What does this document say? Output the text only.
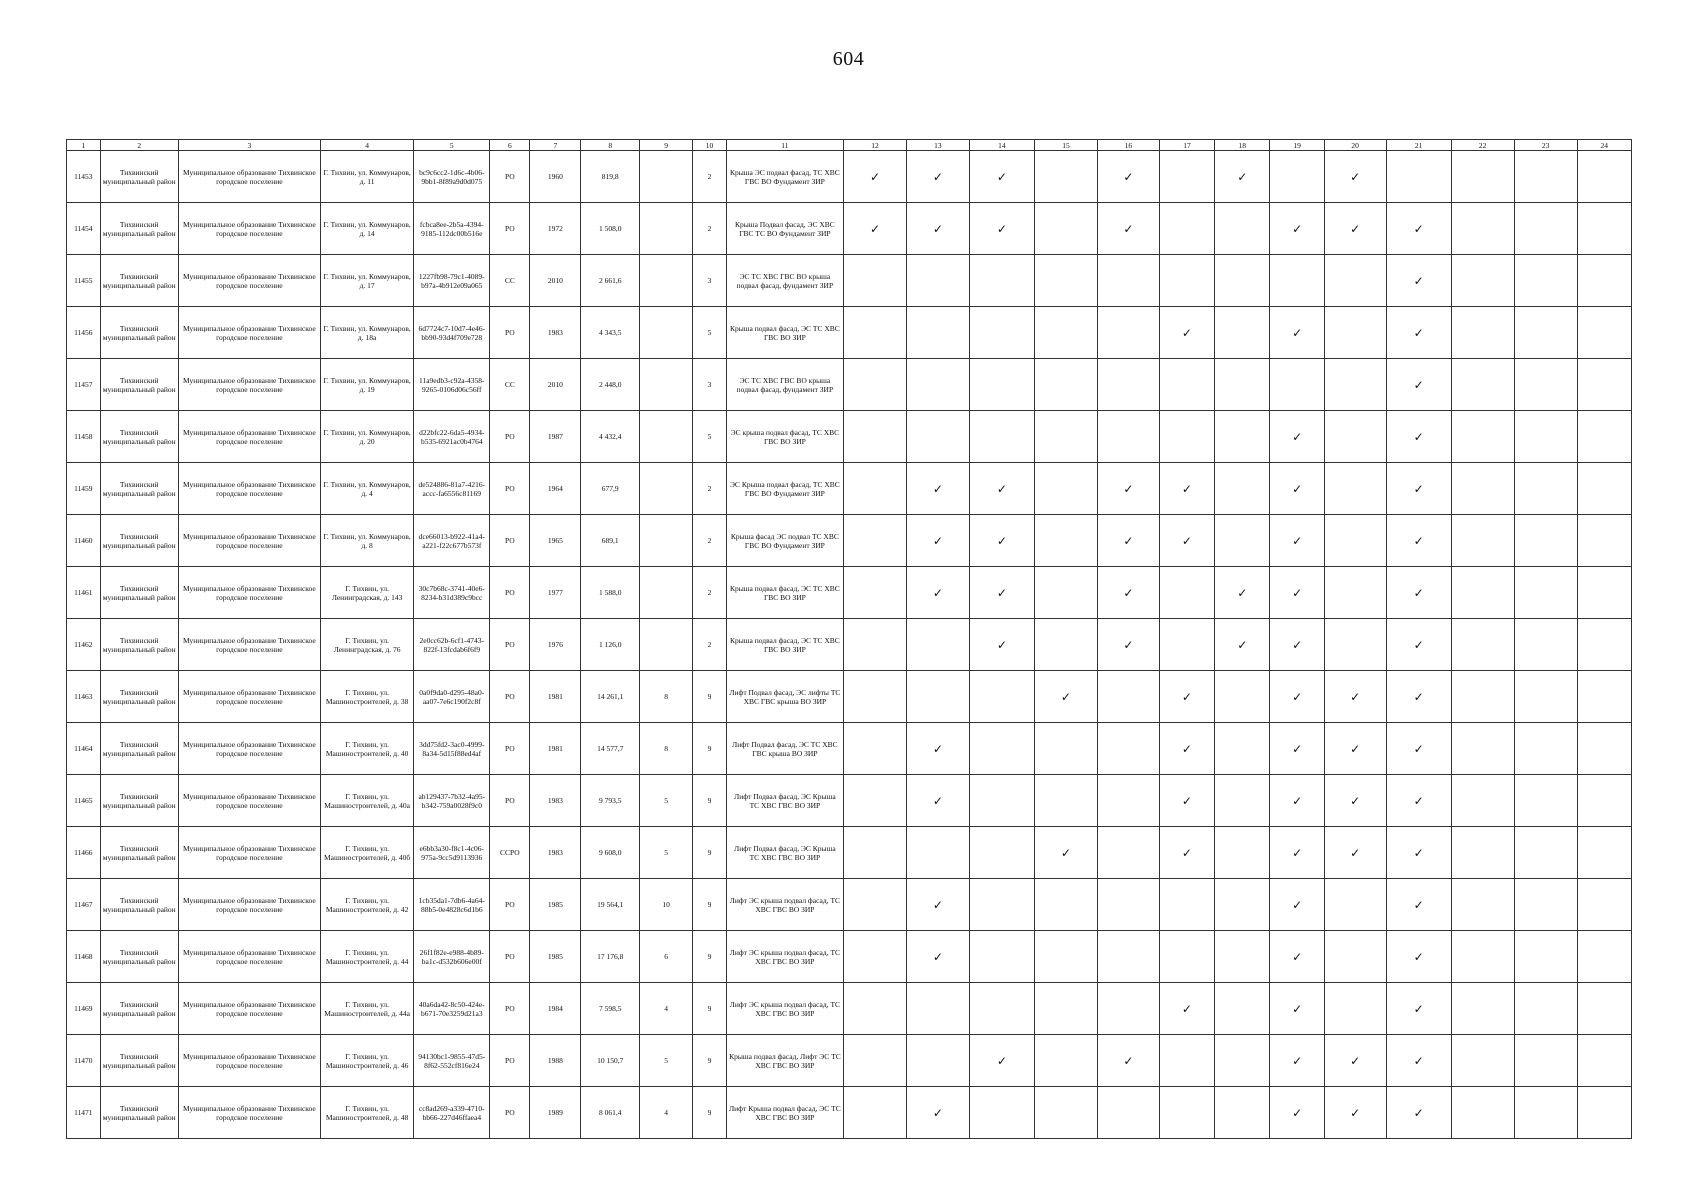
604
1	2	3	4	5	6	7	8	9	10	11	12	13	14	15	16	17	18	19	20	21	22	23	24
11453	Тихвинский муниципальный район	Муниципальное образование Тихвинское городское поселение	Г. Тихвин, ул. Коммунаров, д. 11	bc9c6cc2-1d6c-4b06-9bb1-8f89a9d0d075	РО	1960	819,8		2	Крыша ЭС подвал фасад, ТС ХВС ГВС ВО Фундамент ЗИР	✓	✓	✓		✓		✓		✓				
11454	Тихвинский муниципальный район	Муниципальное образование Тихвинское городское поселение	Г. Тихвин, ул. Коммунаров, д. 14	fcbca8ee-2b5a-4394-9185-112dc00b516e	РО	1972	1 508,0		2	Крыша Подвал фасад, ЭС ХВС ГВС ТС ВО Фундамент ЗИР	✓	✓	✓		✓			✓	✓	✓			
11455	Тихвинский муниципальный район	Муниципальное образование Тихвинское городское поселение	Г. Тихвин, ул. Коммунаров, д. 17	1227fb98-79c1-4089-b97a-4b912e09a065	СС	2010	2 661,6		3	ЭС ТС ХВС ГВС ВО крыша подвал фасад, фундамент ЗИР										✓			
11456	Тихвинский муниципальный район	Муниципальное образование Тихвинское городское поселение	Г. Тихвин, ул. Коммунаров, д. 18а	6d7724c7-10d7-4e46-bb90-93d4f709e728	РО	1983	4 343,5		5	Крыша подвал фасад, ЭС ТС ХВС ГВС ВО ЗИР						✓		✓		✓			
11457	Тихвинский муниципальный район	Муниципальное образование Тихвинское городское поселение	Г. Тихвин, ул. Коммунаров, д. 19	11a9edb3-c92a-4358-9265-0106d06c56ff	СС	2010	2 448,0		3	ЭС ТС ХВС ГВС ВО крыша подвал фасад, фундамент ЗИР										✓			
11458	Тихвинский муниципальный район	Муниципальное образование Тихвинское городское поселение	Г. Тихвин, ул. Коммунаров, д. 20	d22bfc22-6da5-4934-b535-6921ac0b4764	РО	1987	4 432,4		5	ЭС крыша подвал фасад, ТС ХВС ГВС ВО ЗИР								✓		✓			
11459	Тихвинский муниципальный район	Муниципальное образование Тихвинское городское поселение	Г. Тихвин, ул. Коммунаров, д. 4	de524886-81a7-4216-accc-fa6556c81169	РО	1964	677,9		2	ЭС Крыша подвал фасад, ТС ХВС ГВС ВО Фундамент ЗИР		✓	✓		✓	✓		✓		✓			
11460	Тихвинский муниципальный район	Муниципальное образование Тихвинское городское поселение	Г. Тихвин, ул. Коммунаров, д. 8	dce66013-b922-41a4-a221-f22c677b573f	РО	1965	689,1		2	Крыша фасад ЭС подвал ТС ХВС ГВС ВО Фундамент ЗИР		✓	✓		✓	✓		✓		✓			
11461	Тихвинский муниципальный район	Муниципальное образование Тихвинское городское поселение	Г. Тихвин, ул. Ленинградская, д. 143	30c7b68c-3741-40e6-8234-b31d389c9bcc	РО	1977	1 588,0		2	Крыша подвал фасад, ЭС ТС ХВС ГВС ВО ЗИР		✓	✓		✓		✓	✓		✓			
11462	Тихвинский муниципальный район	Муниципальное образование Тихвинское городское поселение	Г. Тихвин, ул. Ленинградская, д. 76	2e0cc62b-6cf1-4743-822f-13fcdab6f6f9	РО	1976	1 126,0		2	Крыша подвал фасад, ЭС ТС ХВС ГВС ВО ЗИР			✓		✓		✓	✓		✓			
11463	Тихвинский муниципальный район	Муниципальное образование Тихвинское городское поселение	Г. Тихвин, ул. Машиностроителей, д. 38	0a0f9da0-d295-48a0-aa07-7e6c190f2c8f	РО	1981	14 261,1	8	9	Лифт Подвал фасад, ЭС лифты ТС ХВС ГВС крыша ВО ЗИР				✓		✓		✓	✓	✓			
11464	Тихвинский муниципальный район	Муниципальное образование Тихвинское городское поселение	Г. Тихвин, ул. Машиностроителей, д. 40	3dd75fd2-3ac0-4999-8a34-5d15f88ed4af	РО	1981	14 577,7	8	9	Лифт Подвал фасад, ЭС ТС ХВС ГВС крыша ВО ЗИР		✓				✓		✓	✓	✓			
11465	Тихвинский муниципальный район	Муниципальное образование Тихвинское городское поселение	Г. Тихвин, ул. Машиностроителей, д. 40а	ab129437-7b32-4a95-b342-759a0028f9c0	РО	1983	9 793,5	5	9	Лифт Подвал фасад, ЭС Крыша ТС ХВС ГВС ВО ЗИР		✓				✓		✓	✓	✓			
11466	Тихвинский муниципальный район	Муниципальное образование Тихвинское городское поселение	Г. Тихвин, ул. Машиностроителей, д. 40б	e6bb3a30-f8c1-4c06-975a-9cc5d9113936	ССРО	1983	9 608,0	5	9	Лифт Подвал фасад, ЭС Крыша ТС ХВС ГВС ВО ЗИР				✓		✓		✓	✓	✓			
11467	Тихвинский муниципальный район	Муниципальное образование Тихвинское городское поселение	Г. Тихвин, ул. Машиностроителей, д. 42	1cb35da1-7db6-4a64-88b5-0e4828c6d1b6	РО	1985	19 564,1	10	9	Лифт ЭС крыша подвал фасад, ТС ХВС ГВС ВО ЗИР		✓						✓		✓			
11468	Тихвинский муниципальный район	Муниципальное образование Тихвинское городское поселение	Г. Тихвин, ул. Машиностроителей, д. 44	26f1f82e-e988-4b89-ba1c-d532b606e00f	РО	1985	17 176,8	6	9	Лифт ЭС крыша подвал фасад, ТС ХВС ГВС ВО ЗИР		✓						✓		✓			
11469	Тихвинский муниципальный район	Муниципальное образование Тихвинское городское поселение	Г. Тихвин, ул. Машиностроителей, д. 44а	40a6da42-8c50-424e-b671-70e3259d21a3	РО	1984	7 598,5	4	9	Лифт ЭС крыша подвал фасад, ТС ХВС ГВС ВО ЗИР						✓		✓		✓			
11470	Тихвинский муниципальный район	Муниципальное образование Тихвинское городское поселение	Г. Тихвин, ул. Машиностроителей, д. 46	94130bc1-9855-47d5-8f62-552cf816e24	РО	1988	10 150,7	5	9	Крыша подвал фасад, Лифт ЭС ТС ХВС ГВС ВО ЗИР			✓		✓			✓	✓	✓			
11471	Тихвинский муниципальный район	Муниципальное образование Тихвинское городское поселение	Г. Тихвин, ул. Машиностроителей, д. 48	cc8ad269-a339-4710-bb66-227d46ffaea4	РО	1989	8 061,4	4	9	Лифт Крыша подвал фасад, ЭС ТС ХВС ГВС ВО ЗИР		✓						✓	✓	✓			
